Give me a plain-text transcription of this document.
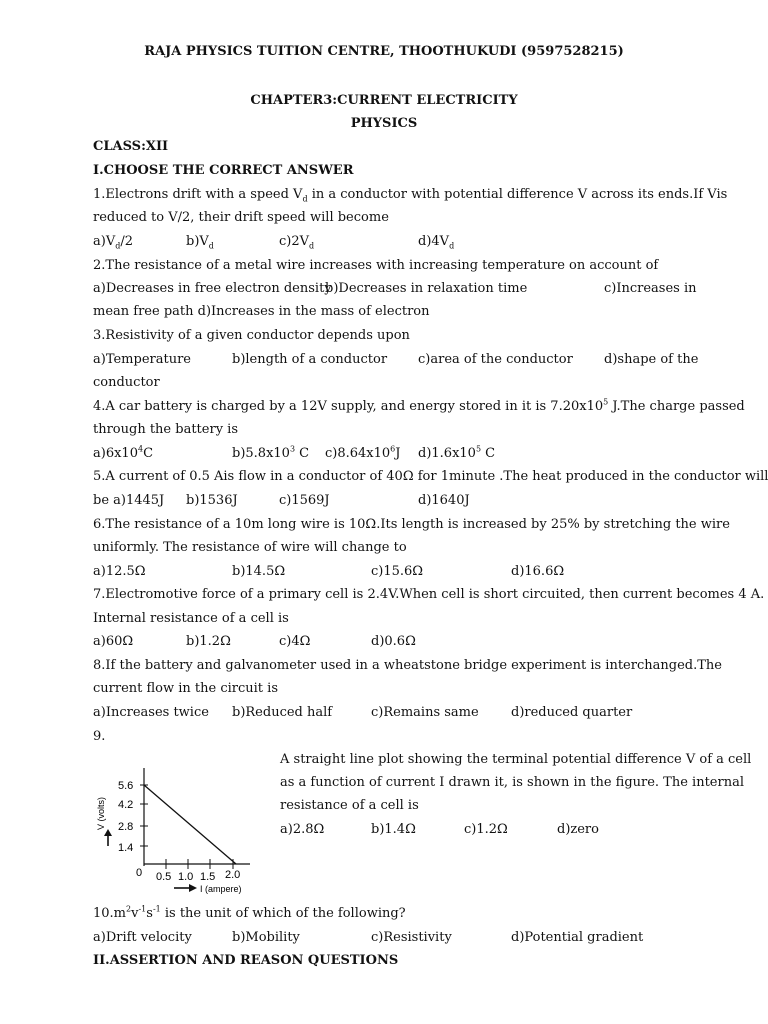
RAJA PHYSICS TUITION CENTRE, THOOTHUKUDI (9597528215)
CHAPTER3:CURRENT ELECTRICITY
PHYSICS
CLASS:XII
I.CHOOSE THE CORRECT ANSWER
1.Electrons drift with a speed $V_d$ in a conductor with potential difference V across its ends.If Vis
reduced to V/2, their drift speed will become
$a)V_d/2$	$b)V_d$	$c)2V_d$	$d)4V_d$
2.The resistance of a metal wire increases with increasing temperature on account of
a)Decreases in free electron density
b)Decreases in relaxation time	c)Increases in
mean free path d)Increases in the mass of electron
3.Resistivity of a given conductor depends upon
a)Temperature	b)length of a conductor c)area of the conductor d)shape of the
conductor
4.A car battery is charged by a 12V supply, and energy stored in it is $7.20x10^5$ J.The charge passed
through the battery is
$a)6x10^4C$	$b)5.8x10^3$ C $c)8.64x10^6J$ $d)1.6x10^5$ C
5.A current of 0.5 Ais flow in a conductor of 40Ω for 1minute .The heat produced in the conductor will
be a)1445J b)1536J	c)1569J	d)1640J
6.The resistance of a 10m long wire is 10Ω.Its length is increased by 25% by stretching the wire
uniformly. The resistance of wire will change to
a)12.5Ω	b)14.5Ω	c)15.6Ω	d)16.6Ω
7.Electromotive force of a primary cell is 2.4V.When cell is short circuited, then current becomes 4 A.
Internal resistance of a cell is
a)60Ω	b)1.2Ω	c)4Ω	d)0.6Ω
8.If the battery and galvanometer used in a wheatstone bridge experiment is interchanged.The
current flow in the circuit is
a)Increases twice b)Reduced half	c)Remains same d)reduced quarter
9.
5.6
4.2
2.8
1.4
0 0.5 1.0 1.5 2.0
V (volts)
I (ampere)
A straight line plot showing the terminal potential difference V of a cell
as a function of current I drawn it, is shown in the figure. The internal
resistance of a cell is
a)2.8Ω	b)1.4Ω	c)1.2Ω	d)zero
$10.m^2v^{-1}s^{-1}$ is the unit of which of the following?
a)Drift velocity	b)Mobility	c)Resistivity	d)Potential gradient
II.ASSERTION AND REASON QUESTIONS
